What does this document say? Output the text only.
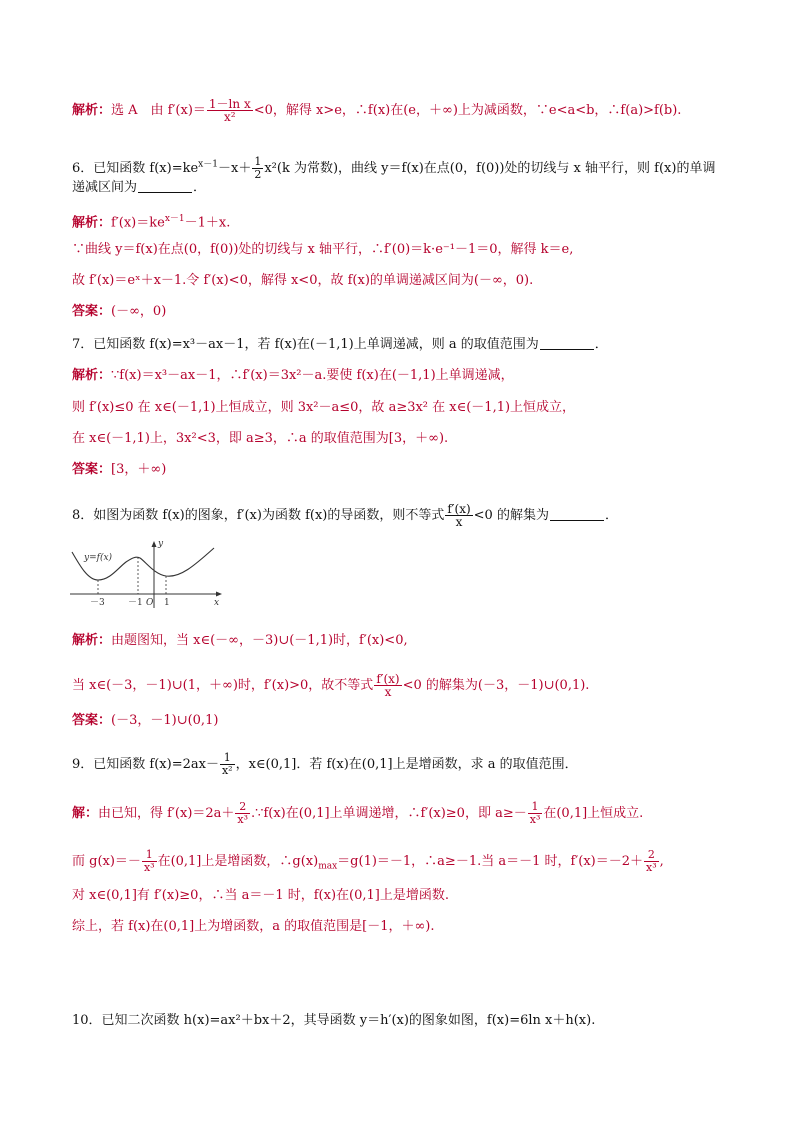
解析：选 A　由 $f'(x)= \frac{\text{1－ln x}}{\text{x²}} <0$，解得 x>e，∴f(x)在(e，＋∞)上为减函数，∵e<a<b，∴f(a)>f(b).
6．已知函数 $f(x)=ke^{x-1}-x+ \frac{1}{2} x^2(k$ 为常数)，曲线 y＝f(x)在点(0，f(0))处的切线与 x 轴平行，则 f(x)的单调
递减区间为	．
解析：$f'(x)=ke^{x-1}-1+x$.
∵曲线 y＝f(x)在点(0，f(0))处的切线与 x 轴平行，∴f′(0)＝k·e⁻¹－1＝0，解得 k＝e,
故 f′(x)＝eˣ＋x－1.令 f′(x)<0，解得 x<0，故 f(x)的单调递减区间为(－∞，0).
答案：(－∞，0)
7．已知函数 f(x)=x³－ax－1，若 f(x)在(－1,1)上单调递减，则 a 的取值范围为	．
解析：∵f(x)＝x³－ax－1，∴f′(x)＝3x²－a.要使 f(x)在(－1,1)上单调递减，
则 f′(x)≤0 在 x∈(－1,1)上恒成立，则 3x²－a≤0，故 a≥3x² 在 x∈(－1,1)上恒成立，
在 x∈(－1,1)上，3x²<3，即 a≥3，∴a 的取值范围为[3，＋∞).
答案：[3，＋∞)
8．如图为函数 f(x)的图象，f′(x)为函数 f(x)的导函数，则不等式 $\frac{f'(x)}{x} <0$ 的解集为	．
y=f(x)
y
x
O
－3	－1 1
解析：由题图知，当 x∈(－∞，－3)∪(－1,1)时，f′(x)<0,
当 x∈(－3，－1)∪(1，＋∞)时，f′(x)>0，故不等式 $\frac{f'(x)}{x} <0$ 的解集为(－3，－1)∪(0,1).
答案：(－3，－1)∪(0,1)
9．已知函数 $f(x)=2ax- \frac{1}{\text{x²}}$ ，x∈(0,1]．若 f(x)在(0,1]上是增函数，求 a 的取值范围．
解：由已知，得 $f'(x)=2a+ \frac{2}{\text{x³}}$ .∵f(x)在(0,1]上单调递增，∴f′(x)≥0，即 $a\ge- \frac{1}{\text{x³}}$ 在(0,1]上恒成立.
而 $g(x)=- \frac{1}{\text{x³}}$ 在(0,1]上是增函数，$\therefore g(x)_{max}=g(1)=-1$，∴a≥－1.当 a＝－1 时，$f'(x)=-2+ \frac{2}{\text{x³}}$ ,
对 x∈(0,1]有 f′(x)≥0，∴当 a＝－1 时，f(x)在(0,1]上是增函数.
综上，若 f(x)在(0,1]上为增函数，a 的取值范围是[－1，＋∞).
10．已知二次函数 h(x)=ax²＋bx＋2，其导函数 y＝h′(x)的图象如图，f(x)=6ln x＋h(x).
